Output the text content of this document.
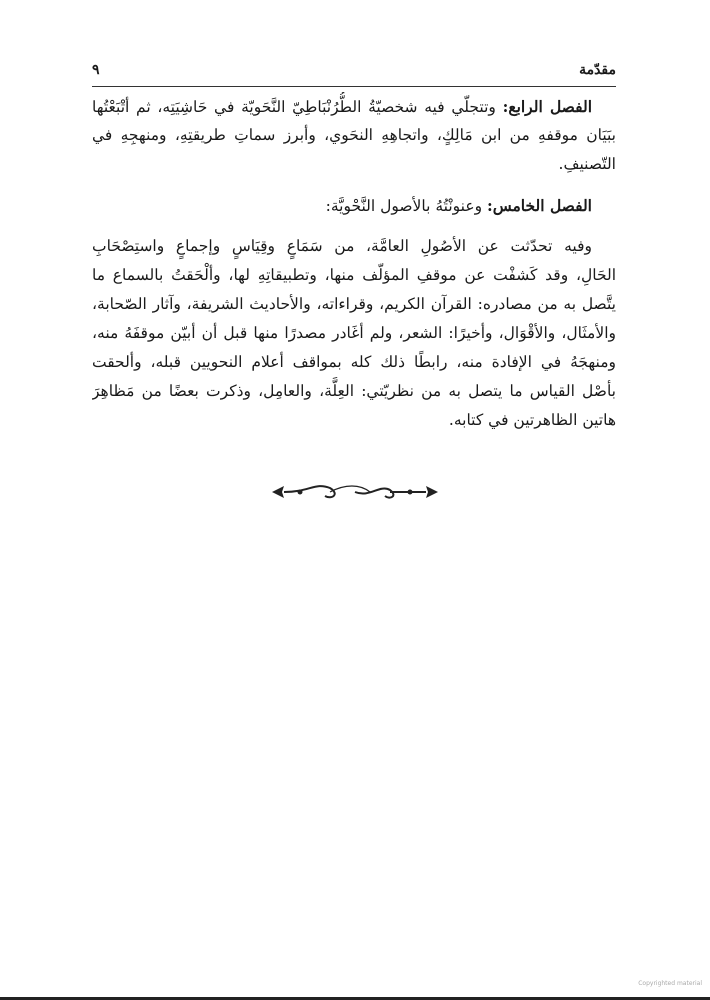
مقدّمة
٩
الفصل الرابع: وتتجلّي فيه شخصيّةُ الطُّرُنْبَاطِيّ النَّحَويّة في حَاشِيَتِه، ثم أتْبَعْتُها
ببَيَان موقفهِ من ابن مَالِكٍ، واتجاهِهِ النحَوي، وأبرز سماتِ طريقتِهِ، ومنهجِهِ في
التّصنيفِ.
الفصل الخامس: وعنونْتُهُ بالأصول النَّحْويَّة:
وفيه تحدّثت عن الأصُولِ العامَّة، من سَمَاعٍ وقِيَاسٍ وإجماعٍ واستِصْحَابِ
الحَالِ، وقد كَشفْت عن موقفِ المؤلّف منها، وتطبيقاتِهِ لها، وألْحَقتُ بالسماع ما
يتَّصل به من مصادره: القرآن الكريم، وقراءاته، والأحاديث الشريفة، وآثار الصّحابة،
والأمثَال، والأقْوَال، وأخيرًا: الشعر، ولم أغَادر مصدرًا منها قبل أن أبيّن موقفَهُ منه،
ومنهجَهُ في الإفادة منه، رابطًا ذلك كله بمواقف أعلام النحويين قبله، وألحقت
بأصْل القياس ما يتصل به من نظريّتي: العِلَّة، والعامِل، وذكرت بعضًا من مَظاهِرَ
هاتين الظاهرتين في كتابه.
Copyrighted material
